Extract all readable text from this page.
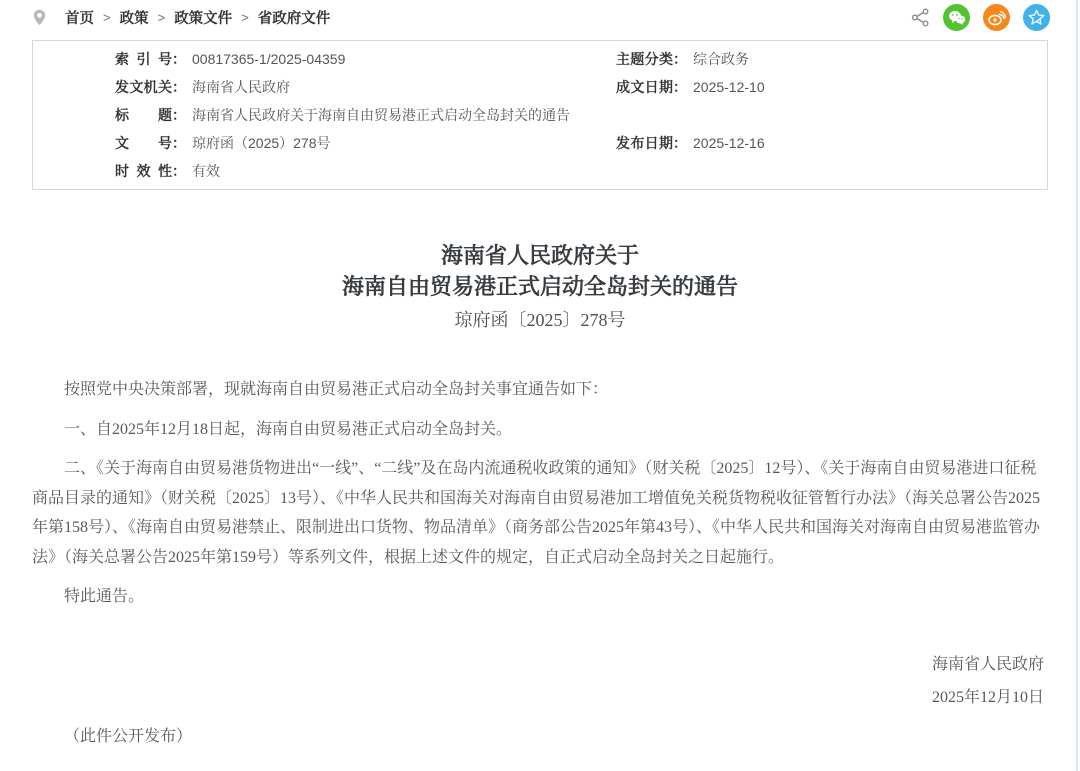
首页 > 政策 > 政策文件 > 省政府文件
索引号： 00817365-1/2025-04359	主题分类： 综合政务
发文机关： 海南省人民政府	成文日期： 2025-12-10
标题： 海南省人民政府关于海南自由贸易港正式启动全岛封关的通告
文号： 琼府函（2025）278号	发布日期： 2025-12-16
时效性： 有效
海南省人民政府关于
海南自由贸易港正式启动全岛封关的通告
琼府函〔2025〕278号

按照党中央决策部署，现就海南自由贸易港正式启动全岛封关事宜通告如下：

一、自2025年12月18日起，海南自由贸易港正式启动全岛封关。

二、《关于海南自由贸易港货物进出“一线”、“二线”及在岛内流通税收政策的通知》（财关税〔2025〕12号）、《关于海南自由贸易港进口征税商品目录的通知》（财关税〔2025〕13号）、《中华人民共和国海关对海南自由贸易港加工增值免关税货物税收征管暂行办法》（海关总署公告2025年第158号）、《海南自由贸易港禁止、限制进出口货物、物品清单》（商务部公告2025年第43号）、《中华人民共和国海关对海南自由贸易港监管办法》（海关总署公告2025年第159号）等系列文件，根据上述文件的规定，自正式启动全岛封关之日起施行。

特此通告。

海南省人民政府
2025年12月10日
（此件公开发布）
